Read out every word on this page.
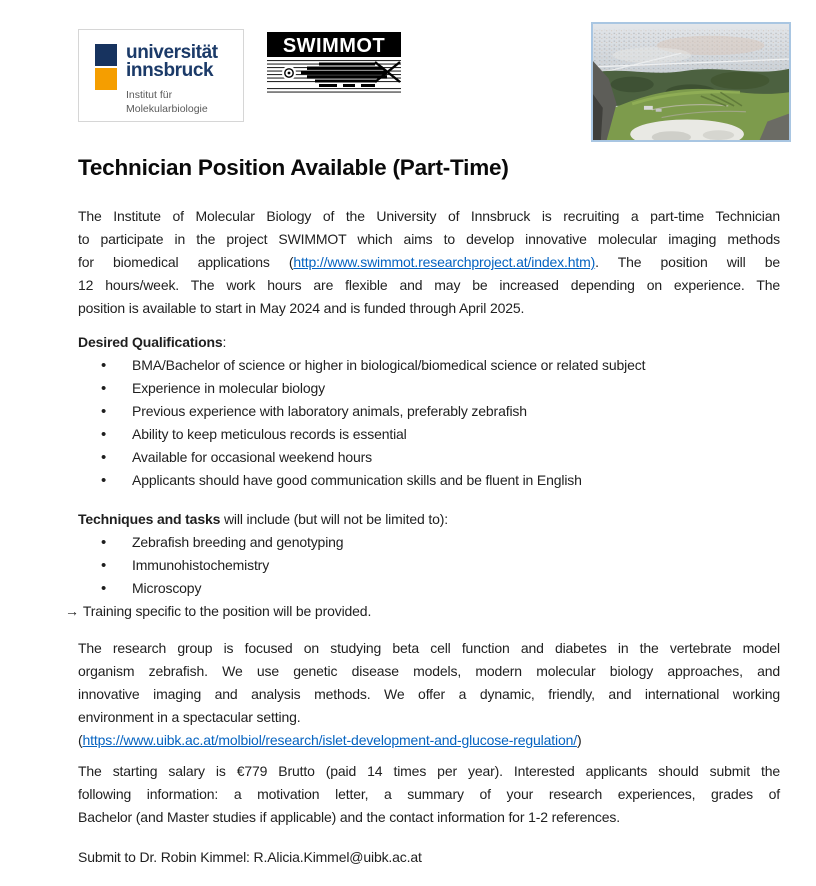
universität
innsbruck
Institut für
Molekularbiologie
SWIMMOT
Technician Position Available (Part-Time)
The Institute of Molecular Biology of the University of Innsbruck is recruiting a part-time Technician
to participate in the project SWIMMOT which aims to develop innovative molecular imaging methods
for biomedical applications (http://www.swimmot.researchproject.at/index.htm). The position will be
12 hours/week. The work hours are flexible and may be increased depending on experience. The
position is available to start in May 2024 and is funded through April 2025.
Desired Qualifications:
• BMA/Bachelor of science or higher in biological/biomedical science or related subject
• Experience in molecular biology
• Previous experience with laboratory animals, preferably zebrafish
• Ability to keep meticulous records is essential
• Available for occasional weekend hours
• Applicants should have good communication skills and be fluent in English
Techniques and tasks will include (but will not be limited to):
• Zebrafish breeding and genotyping
• Immunohistochemistry
• Microscopy
→ Training specific to the position will be provided.
The research group is focused on studying beta cell function and diabetes in the vertebrate model
organism zebrafish. We use genetic disease models, modern molecular biology approaches, and
innovative imaging and analysis methods. We offer a dynamic, friendly, and international working
environment in a spectacular setting.
(https://www.uibk.ac.at/molbiol/research/islet-development-and-glucose-regulation/)
The starting salary is €779 Brutto (paid 14 times per year). Interested applicants should submit the
following information: a motivation letter, a summary of your research experiences, grades of
Bachelor (and Master studies if applicable) and the contact information for 1-2 references.
Submit to Dr. Robin Kimmel: R.Alicia.Kimmel@uibk.ac.at
